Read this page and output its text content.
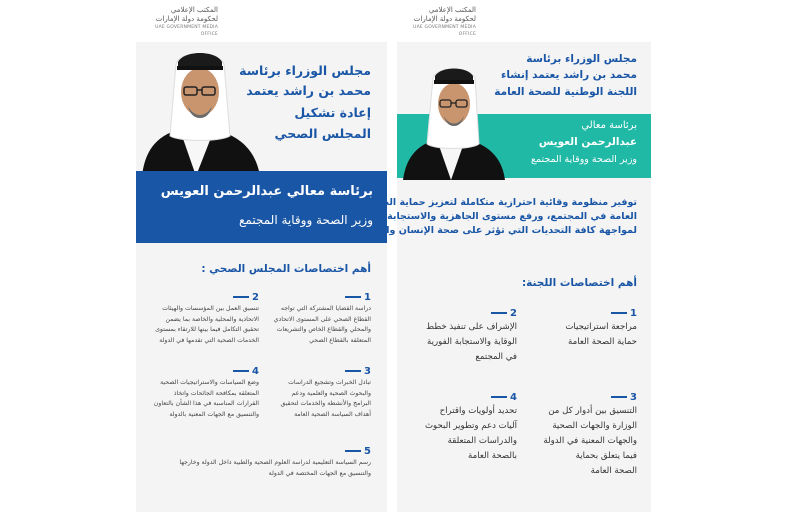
المكتب الإعلامي
لحكومة دولة الإمارات
UAE GOVERNMENT MEDIA OFFICE
المكتب الإعلامي
لحكومة دولة الإمارات
UAE GOVERNMENT MEDIA OFFICE
مجلس الوزراء برئاسة
محمد بن راشد يعتمد
إعادة تشكيل
المجلس الصحي
برئاسة معالي عبدالرحمن العويس
وزير الصحة ووقاية المجتمع
أهم اختصاصات المجلس الصحي :
1
دراسة القضايا المشتركة التي تواجه
القطاع الصحي على المستوى الاتحادي
والمحلي والقطاع الخاص والتشريعات
المتعلقة بالقطاع الصحي
2
تنسيق العمل بين المؤسسات والهيئات
الاتحادية والمحلية والخاصة بما يضمن
تحقيق التكامل فيما بينها للارتقاء بمستوى
الخدمات الصحية التي تقدمها في الدولة
3
تبادل الخبرات وتشجيع الدراسات
والبحوث الصحية والعلمية ودعم
البرامج والأنشطة والخدمات لتحقيق
أهداف السياسة الصحية العامة
4
وضع السياسات والاستراتيجيات الصحية
المتعلقة بمكافحة الجائحات واتخاذ
القرارات المناسبة في هذا الشأن بالتعاون
والتنسيق مع الجهات المعنية بالدولة
5
رسم السياسة التعليمية لدراسة العلوم الصحية والطبية داخل الدولة وخارجها
والتنسيق مع الجهات المختصة في الدولة
مجلس الوزراء برئاسة
محمد بن راشد يعتمد إنشاء
اللجنة الوطنية للصحة العامة
برئاسة معالي
عبدالرحمن العويس
وزير الصحة ووقاية المجتمع
توفير منظومة وقائية احترازية متكاملة لتعزيز حماية الصحة
العامة في المجتمع، ورفع مستوى الجاهزية والاستجابة
لمواجهة كافة التحديات التي تؤثر على صحة الإنسان والمجتمع
أهم اختصاصات اللجنة:
1
مراجعة استراتيجيات
حماية الصحة العامة
2
الإشراف على تنفيذ خطط
الوقاية والاستجابة الفورية
في المجتمع
3
التنسيق بين أدوار كل من
الوزارة والجهات الصحية
والجهات المعنية في الدولة
فيما يتعلق بحماية
الصحة العامة
4
تحديد أولويات واقتراح
آليات دعم وتطوير البحوث
والدراسات المتعلقة
بالصحة العامة
